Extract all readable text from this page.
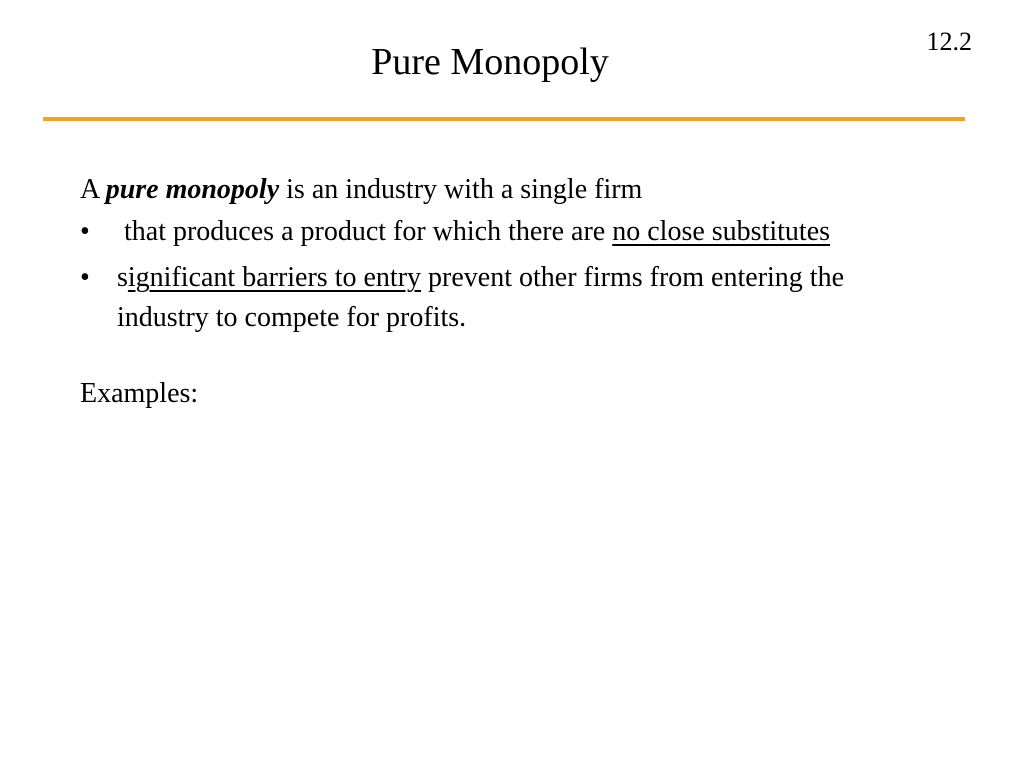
12.2
Pure Monopoly

A pure monopoly is an industry with a single firm

• that produces a product for which there are no close substitutes
• significant barriers to entry prevent other firms from entering the industry to compete for profits.

Examples:
